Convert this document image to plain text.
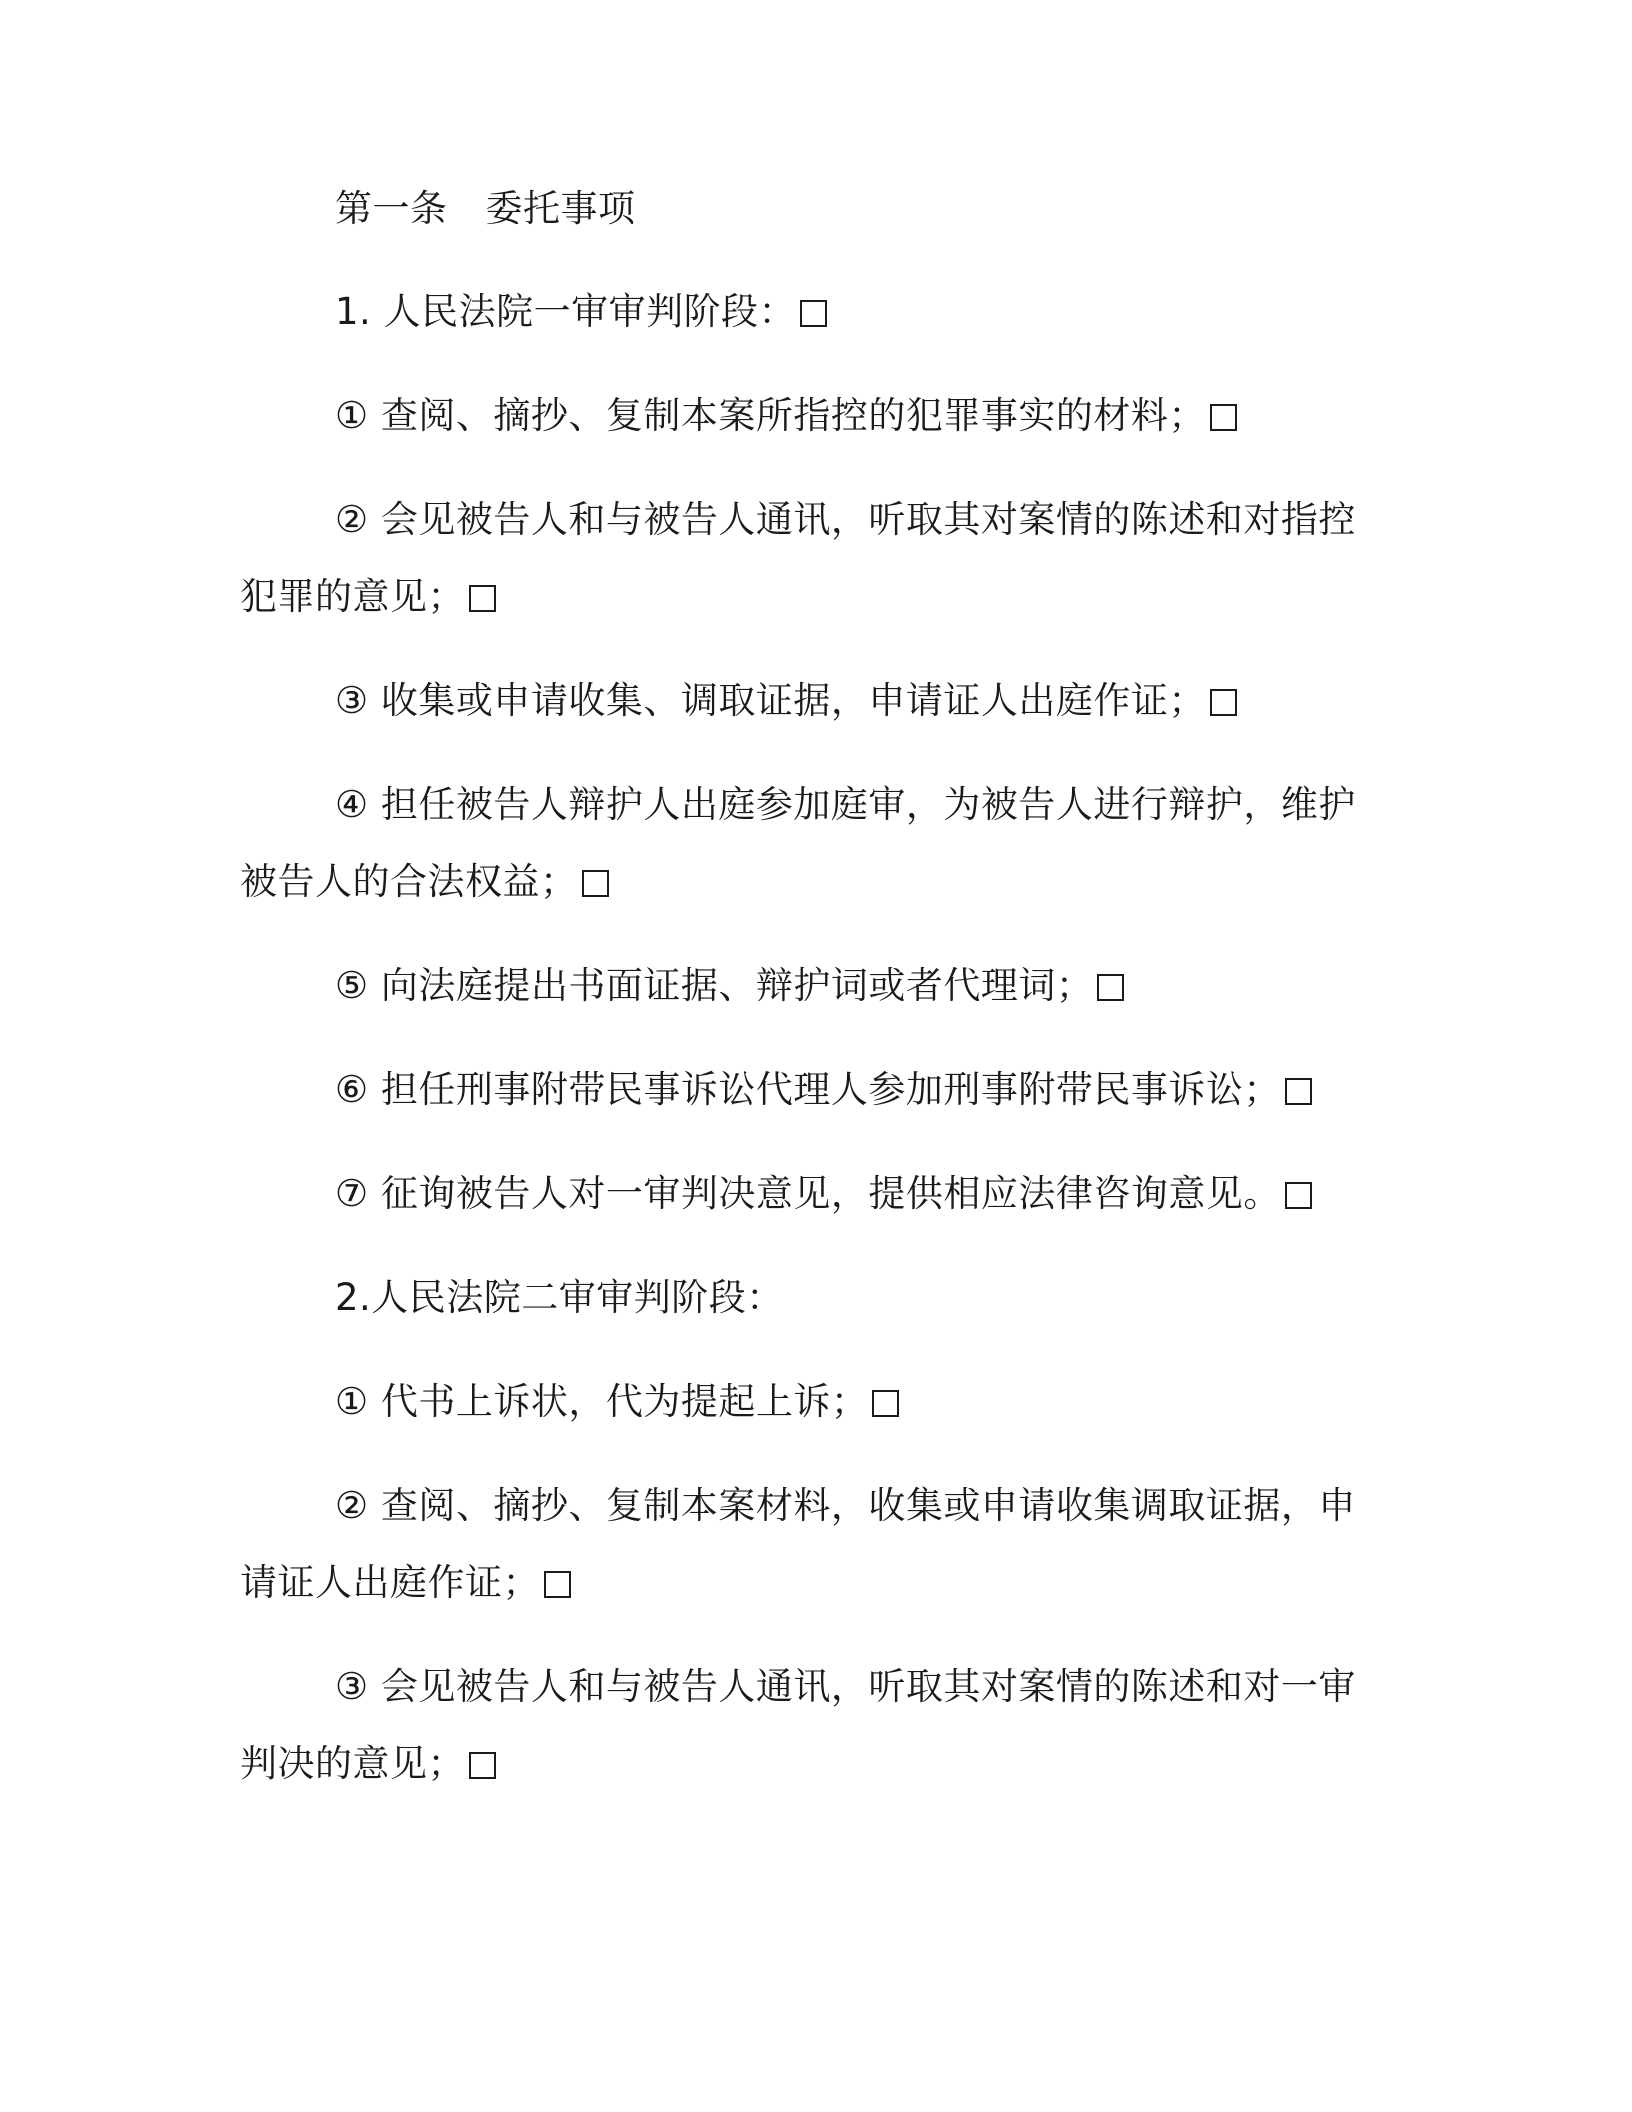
第一条 委托事项

1. 人民法院一审审判阶段：

① 查阅、摘抄、复制本案所指控的犯罪事实的材料；

② 会见被告人和与被告人通讯，听取其对案情的陈述和对指控犯罪的意见；

③ 收集或申请收集、调取证据，申请证人出庭作证；

④ 担任被告人辩护人出庭参加庭审，为被告人进行辩护，维护被告人的合法权益；

⑤ 向法庭提出书面证据、辩护词或者代理词；

⑥ 担任刑事附带民事诉讼代理人参加刑事附带民事诉讼；

⑦ 征询被告人对一审判决意见，提供相应法律咨询意见。

2.人民法院二审审判阶段：

① 代书上诉状，代为提起上诉；

② 查阅、摘抄、复制本案材料，收集或申请收集调取证据，申请证人出庭作证；

③ 会见被告人和与被告人通讯，听取其对案情的陈述和对一审判决的意见；
